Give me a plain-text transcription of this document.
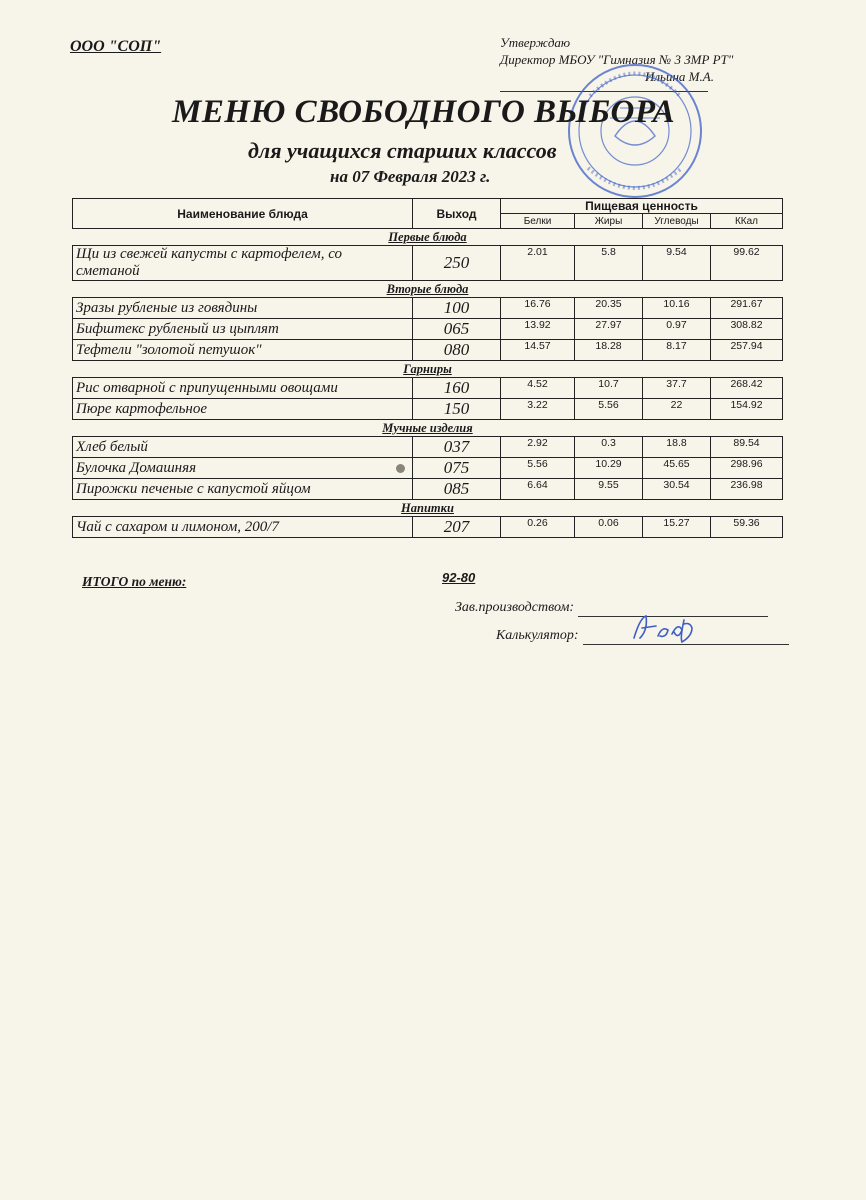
ООО "СОП"	Утверждаю
Директор МБОУ "Гимназия № 3 ЗМР РТ"
Ильина М.А.
МЕНЮ СВОБОДНОГО ВЫБОРА
для учащихся старших классов
на 07 Февраля 2023 г.
Наименование блюда	Выход	Пищевая ценность			
		Белки	Жиры	Углеводы	ККал
Первые блюда					
Щи из свежей капусты с картофелем, со сметаной	250	2.01	5.8	9.54	99.62
Вторые блюда					
Зразы рубленые из говядины	100	16.76	20.35	10.16	291.67
Бифштекс рубленый из цыплят	065	13.92	27.97	0.97	308.82
Тефтели "золотой петушок"	080	14.57	18.28	8.17	257.94
Гарниры					
Рис отварной с припущенными овощами	160	4.52	10.7	37.7	268.42
Пюре картофельное	150	3.22	5.56	22	154.92
Мучные изделия					
Хлеб белый	037	2.92	0.3	18.8	89.54
Булочка Домашняя	075	5.56	10.29	45.65	298.96
Пирожки печеные с капустой яйцом	085	6.64	9.55	30.54	236.98
Напитки					
Чай с сахаром и лимоном, 200/7	207	0.26	0.06	15.27	59.36
ИТОГО по меню:	92-80
Зав.производством:
Калькулятор:
